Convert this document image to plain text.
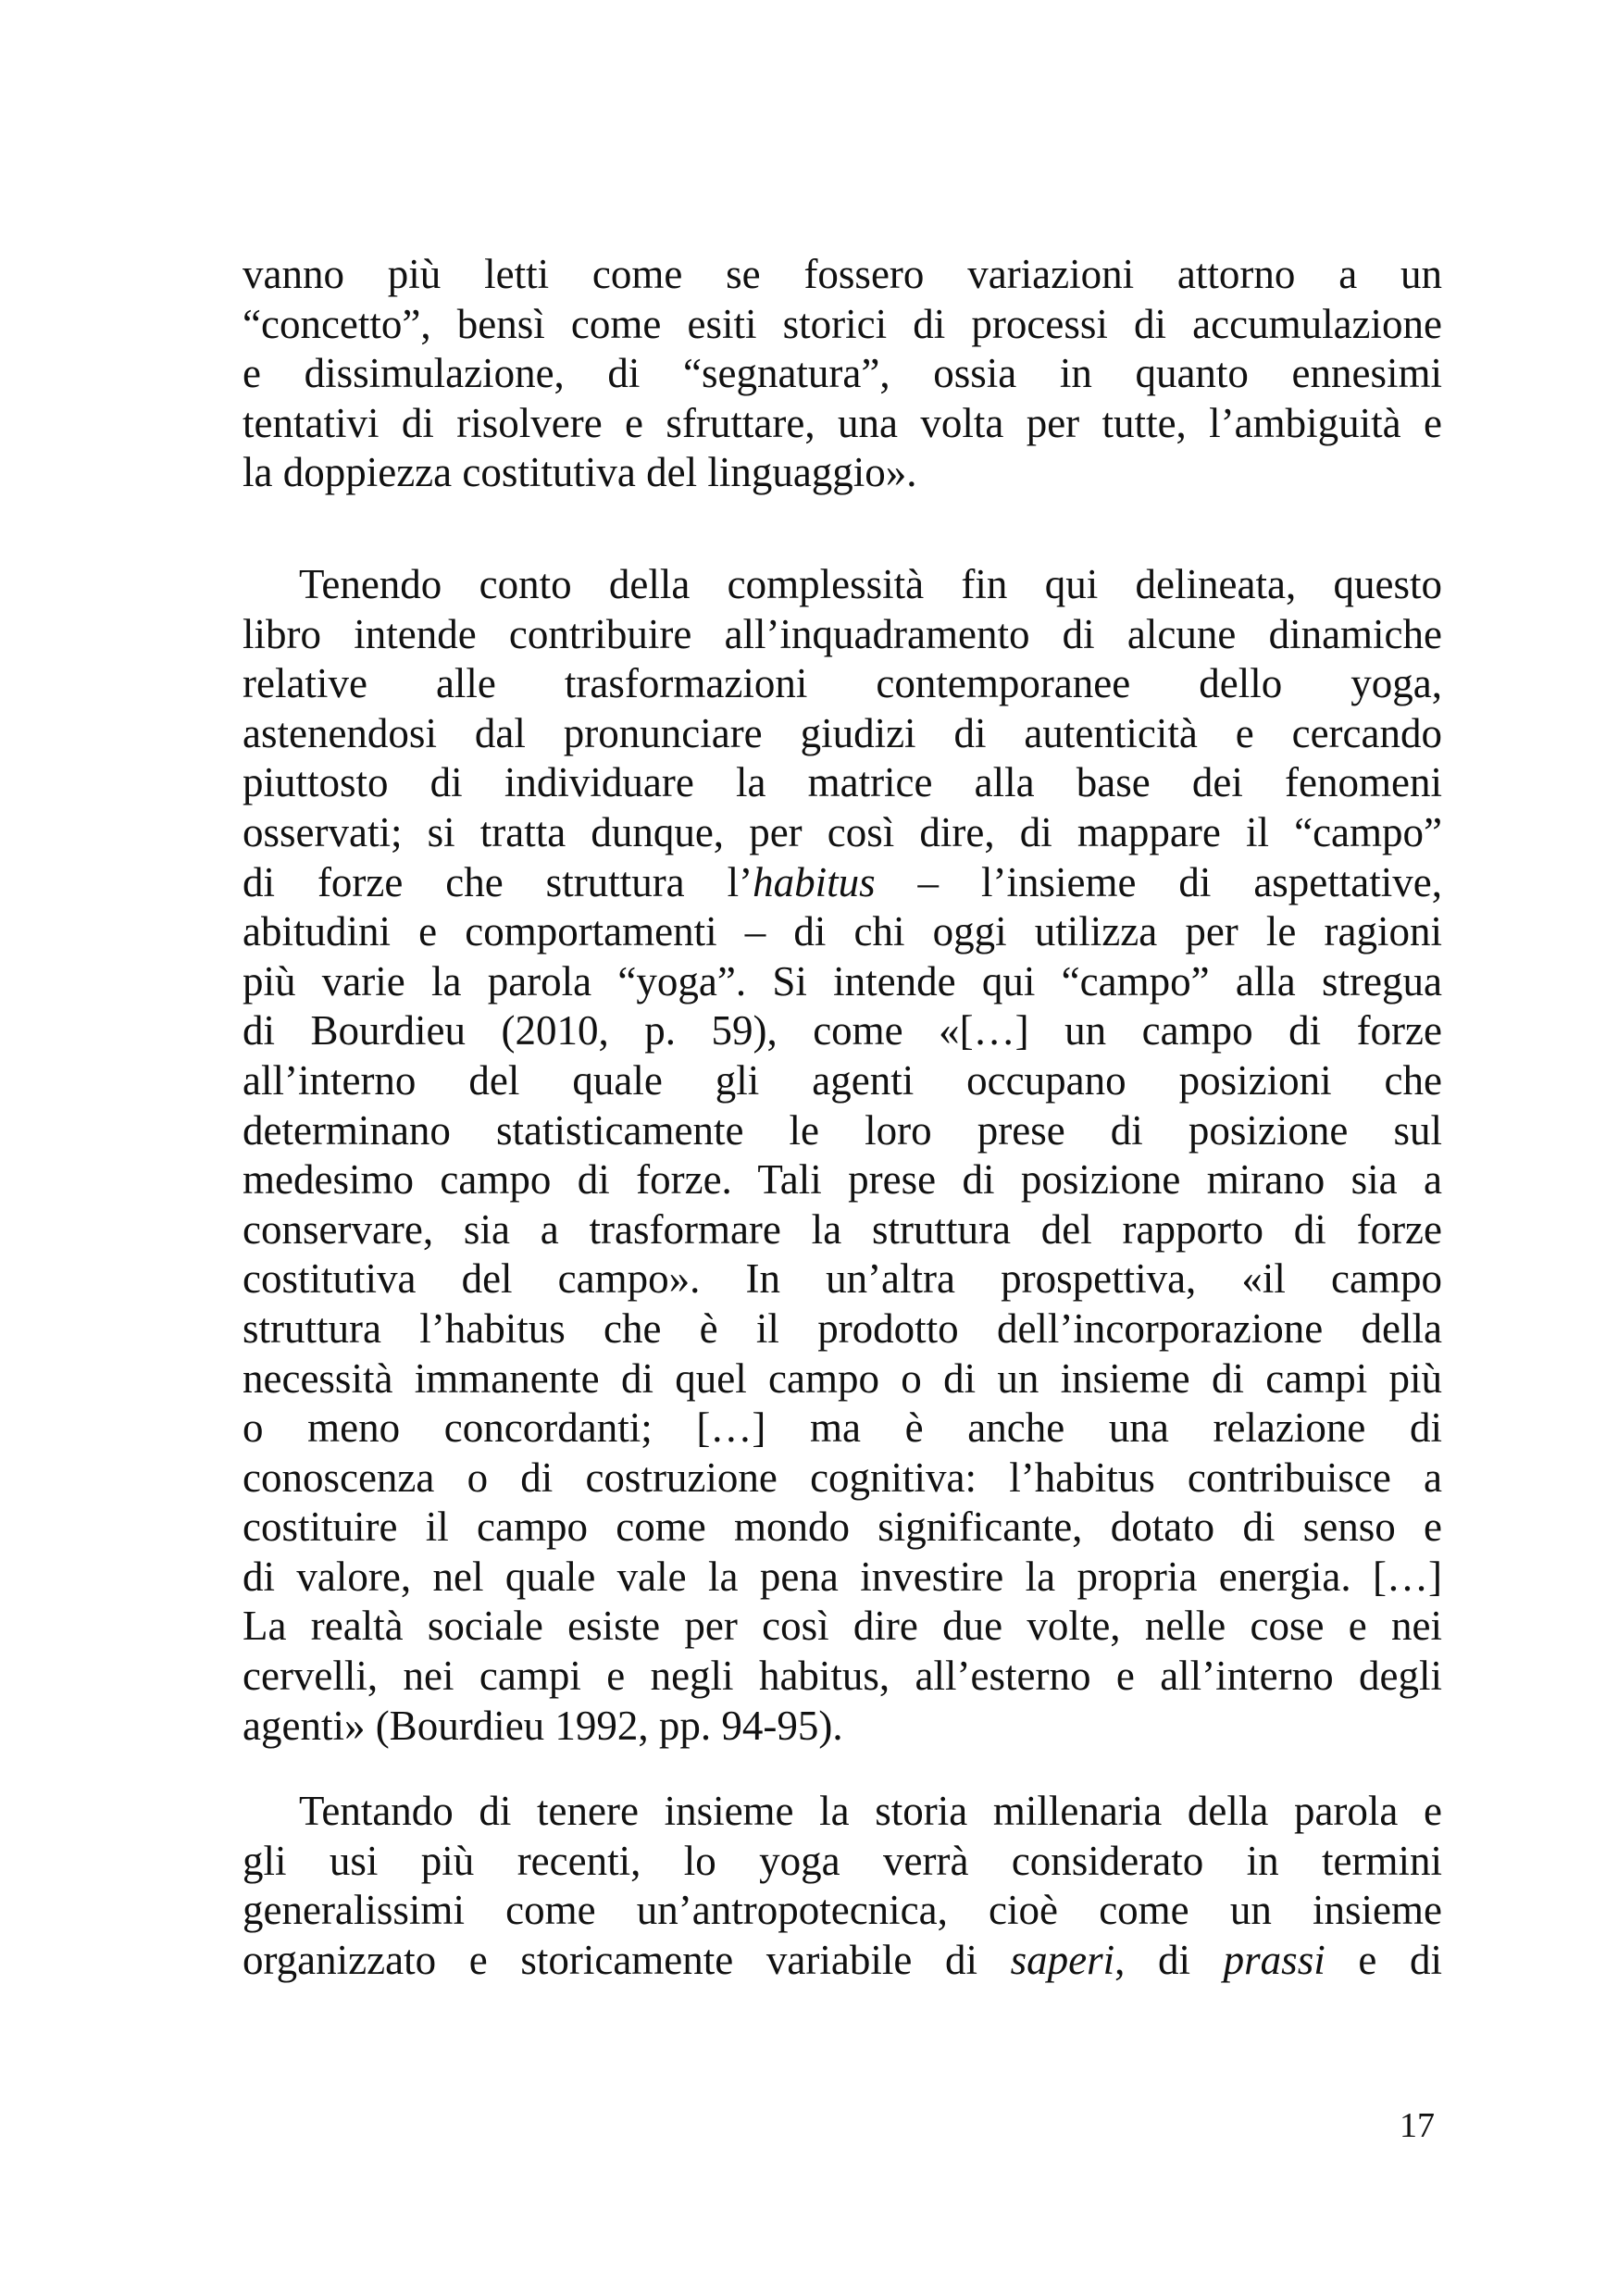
vanno più letti come se fossero variazioni attorno a un
“concetto”, bensì come esiti storici di processi di accumulazione
e dissimulazione, di “segnatura”, ossia in quanto ennesimi
tentativi di risolvere e sfruttare, una volta per tutte, l’ambiguità e
la doppiezza costitutiva del linguaggio».
Tenendo conto della complessità fin qui delineata, questo
libro intende contribuire all’inquadramento di alcune dinamiche
relative alle trasformazioni contemporanee dello yoga,
astenendosi dal pronunciare giudizi di autenticità e cercando
piuttosto di individuare la matrice alla base dei fenomeni
osservati; si tratta dunque, per così dire, di mappare il “campo”
di forze che struttura l’habitus – l’insieme di aspettative,
abitudini e comportamenti – di chi oggi utilizza per le ragioni
più varie la parola “yoga”. Si intende qui “campo” alla stregua
di Bourdieu (2010, p. 59), come «[…] un campo di forze
all’interno del quale gli agenti occupano posizioni che
determinano statisticamente le loro prese di posizione sul
medesimo campo di forze. Tali prese di posizione mirano sia a
conservare, sia a trasformare la struttura del rapporto di forze
costitutiva del campo». In un’altra prospettiva, «il campo
struttura l’habitus che è il prodotto dell’incorporazione della
necessità immanente di quel campo o di un insieme di campi più
o meno concordanti; […] ma è anche una relazione di
conoscenza o di costruzione cognitiva: l’habitus contribuisce a
costituire il campo come mondo significante, dotato di senso e
di valore, nel quale vale la pena investire la propria energia. […]
La realtà sociale esiste per così dire due volte, nelle cose e nei
cervelli, nei campi e negli habitus, all’esterno e all’interno degli
agenti» (Bourdieu 1992, pp. 94-95).
Tentando di tenere insieme la storia millenaria della parola e
gli usi più recenti, lo yoga verrà considerato in termini
generalissimi come un’antropotecnica, cioè come un insieme
organizzato e storicamente variabile di saperi, di prassi e di
17
